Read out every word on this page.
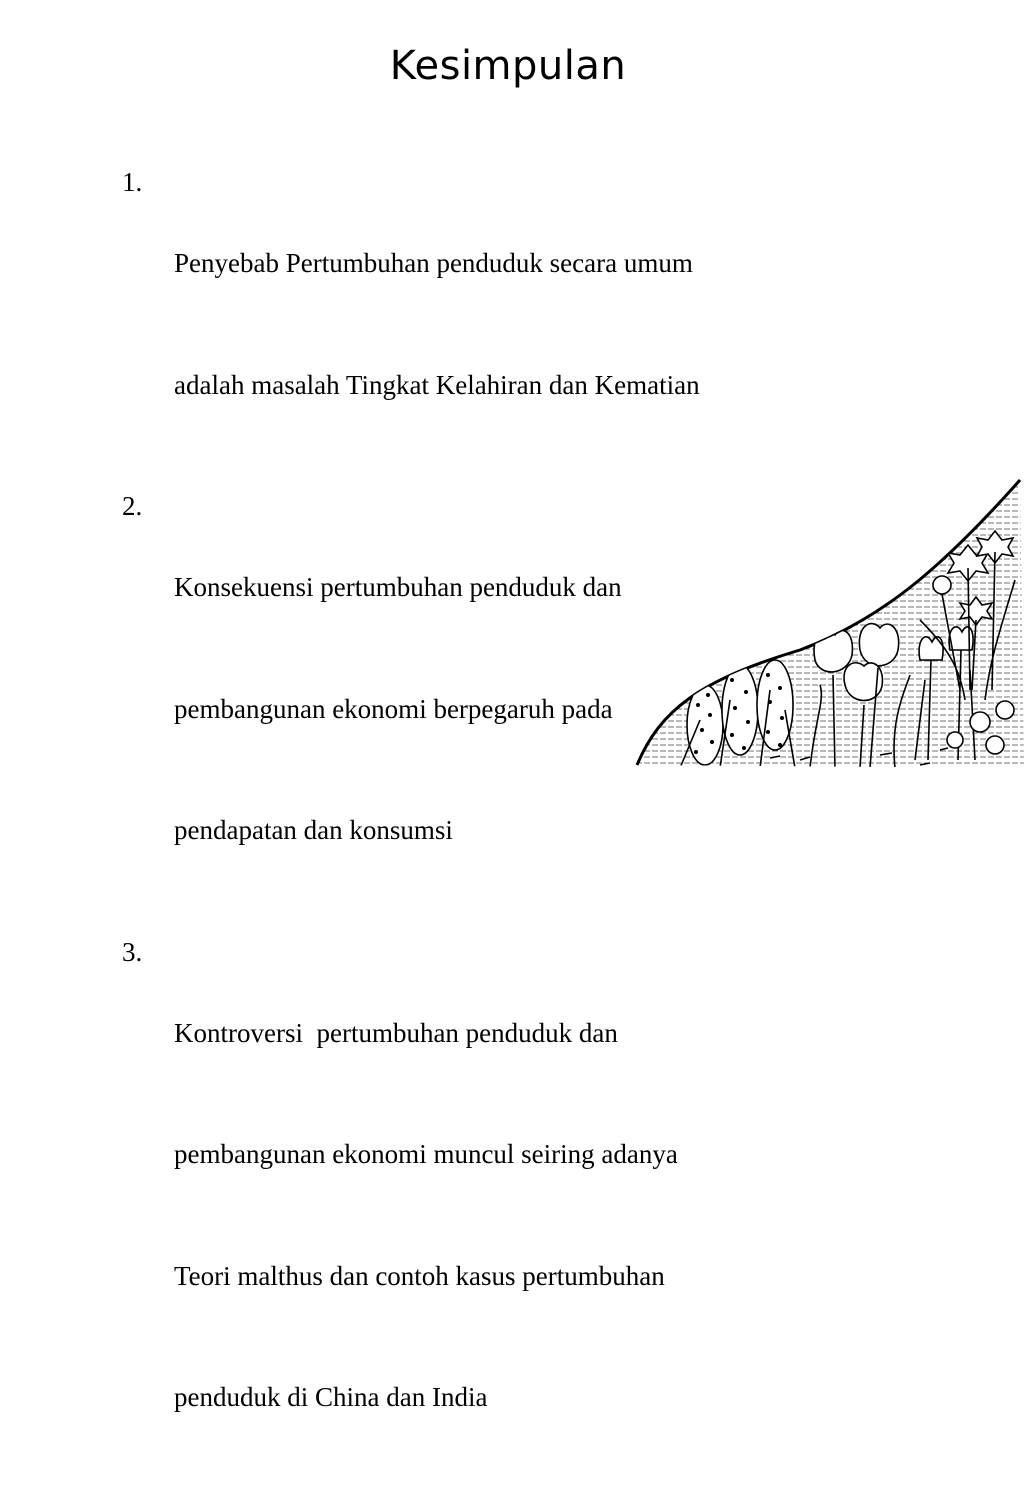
Kesimpulan
1.

Penyebab Pertumbuhan penduduk secara umum

adalah masalah Tingkat Kelahiran dan Kematian

2.

Konsekuensi pertumbuhan penduduk dan

pembangunan ekonomi berpegaruh pada

pendapatan dan konsumsi

3.

Kontroversi  pertumbuhan penduduk dan

pembangunan ekonomi muncul seiring adanya

Teori malthus dan contoh kasus pertumbuhan

penduduk di China dan India
